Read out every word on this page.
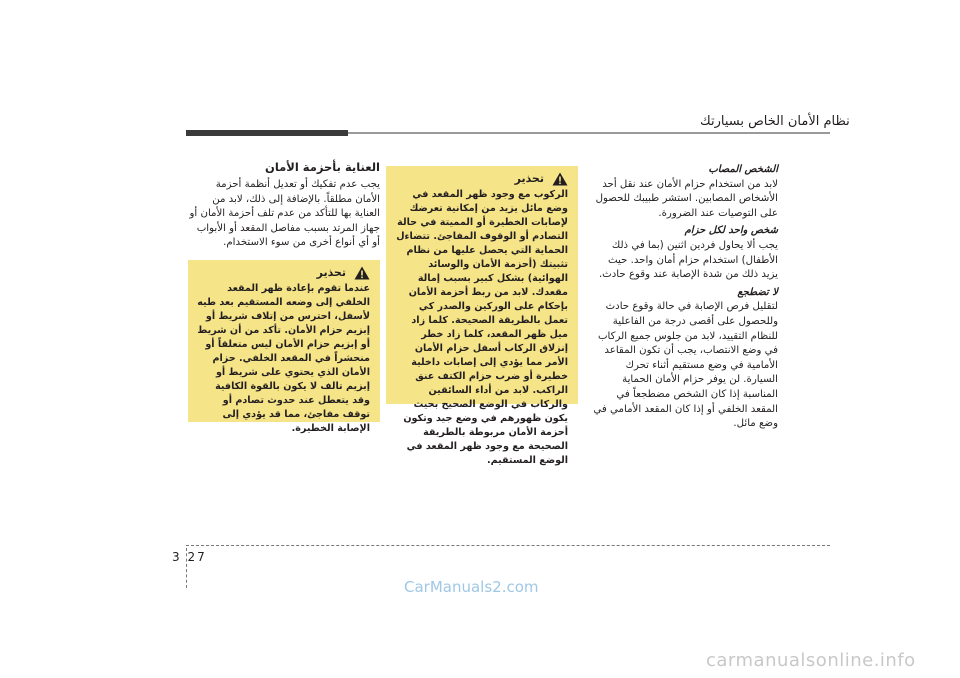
نظام الأمان الخاص بسيارتك

الشخص المصاب

لابد من استخدام حزام الأمان عند نقل أحد الأشخاص المصابين. استشر طبيبك للحصول على التوصيات عند الضرورة.

شخص واحد لكل حزام

يجب ألا يحاول فردين اثنين (بما في ذلك الأطفال) استخدام حزام أمان واحد. حيث يزيد ذلك من شدة الإصابة عند وقوع حادث.

لا تضطجع

لتقليل فرص الإصابة في حالة وقوع حادث وللحصول على أقصى درجة من الفاعلية للنظام التقييد، لابد من جلوس جميع الركاب في وضع الانتصاب، يجب أن تكون المقاعد الأمامية في وضع مستقيم أثناء تحرك السيارة. لن يوفر حزام الأمان الحماية المناسبة إذا كان الشخص مضطجعاً في المقعد الخلفي أو إذا كان المقعد الأمامي في وضع مائل.

تحذير
الركوب مع وجود ظهر المقعد في وضع مائل يزيد من إمكانية تعرضك لإصابات الخطيرة أو المميتة في حالة التصادم أو الوقوف المفاجئ. تتضاءل الحماية التي يحصل عليها من نظام تثبيتك (أحزمة الأمان والوسائد الهوائية) بشكل كبير بسبب إمالة مقعدك. لابد من ربط أحزمة الأمان بإحكام على الوركين والصدر كي تعمل بالطريقة الصحيحة. كلما زاد ميل ظهر المقعد، كلما زاد خطر إنزلاق الركاب أسفل حزام الأمان الأمر مما يؤدي إلى إصابات داخلية خطيرة أو ضرب حزام الكتف عنق الراكب. لابد من أداء السائقين والركاب في الوضع الصحيح بحيث يكون ظهورهم في وضع جيد وتكون أحزمة الأمان مربوطة بالطريقة الصحيحة مع وجود ظهر المقعد في الوضع المستقيم.
العناية بأحزمة الأمان
يجب عدم تفكيك أو تعديل أنظمة أحزمة الأمان مطلقاً. بالإضافة إلى ذلك، لابد من العناية بها للتأكد من عدم تلف أحزمة الأمان أو جهاز المرتد بسبب مفاصل المقعد أو الأبواب أو أي أنواع أخرى من سوء الاستخدام.
تحذير
عندما تقوم بإعادة ظهر المقعد الخلفي إلى وضعه المستقيم بعد طيه لأسفل، احترس من إتلاف شريط أو إبزيم حزام الأمان. تأكد من أن شريط أو إبزيم حزام الأمان ليس متعلقاً أو منحشراً في المقعد الخلفي. حزام الأمان الذي يحتوي على شريط أو إبزيم تالف لا يكون بالقوة الكافية وقد يتعطل عند حدوث تصادم أو توقف مفاجئ، مما قد يؤدي إلى الإصابة الخطيرة.
3 27
CarManuals2.com
carmanualsonline.info
